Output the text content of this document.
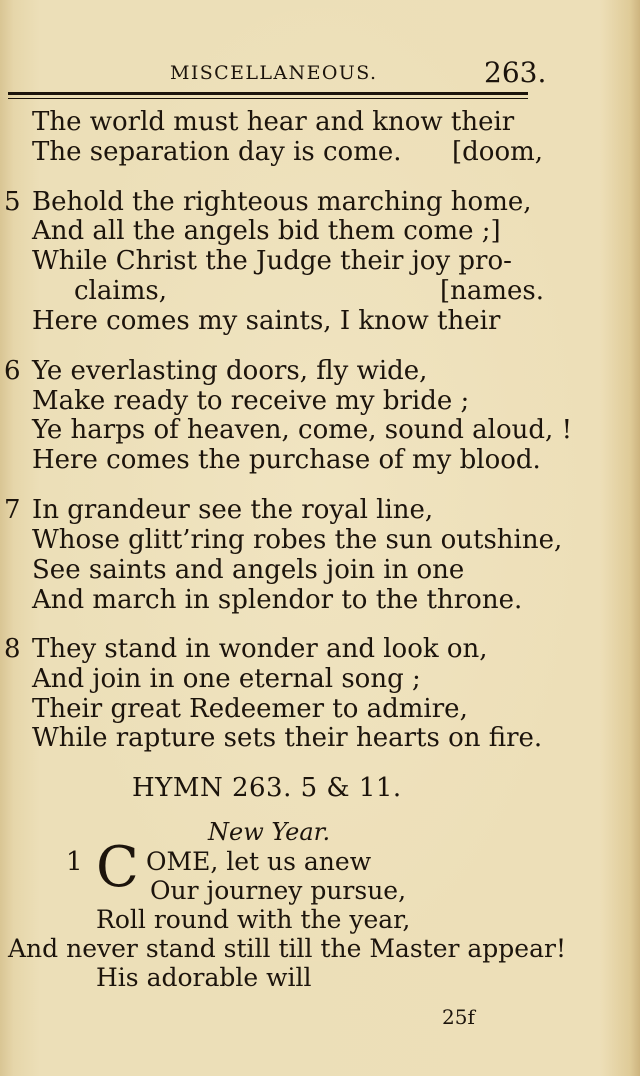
MISCELLANEOUS.	263.
The world must hear and know their
The separation day is come. [doom,
5 Behold the righteous marching home,
And all the angels bid them come ;]
While Christ the Judge their joy pro-
claims,	[names.
Here comes my saints, I know their
6 Ye everlasting doors, fly wide,
Make ready to receive my bride ;
Ye harps of heaven, come, sound aloud, !
Here comes the purchase of my blood.
7 In grandeur see the royal line,
Whose glitt’ring robes the sun outshine,
See saints and angels join in one
And march in splendor to the throne.
8 They stand in wonder and look on,
And join in one eternal song ;
Their great Redeemer to admire,
While rapture sets their hearts on fire.
HYMN 263. 5 & 11.
New Year.
1 C OME, let us anew
Our journey pursue,
Roll round with the year,
And never stand still till the Master appear!
His adorable will
25f
